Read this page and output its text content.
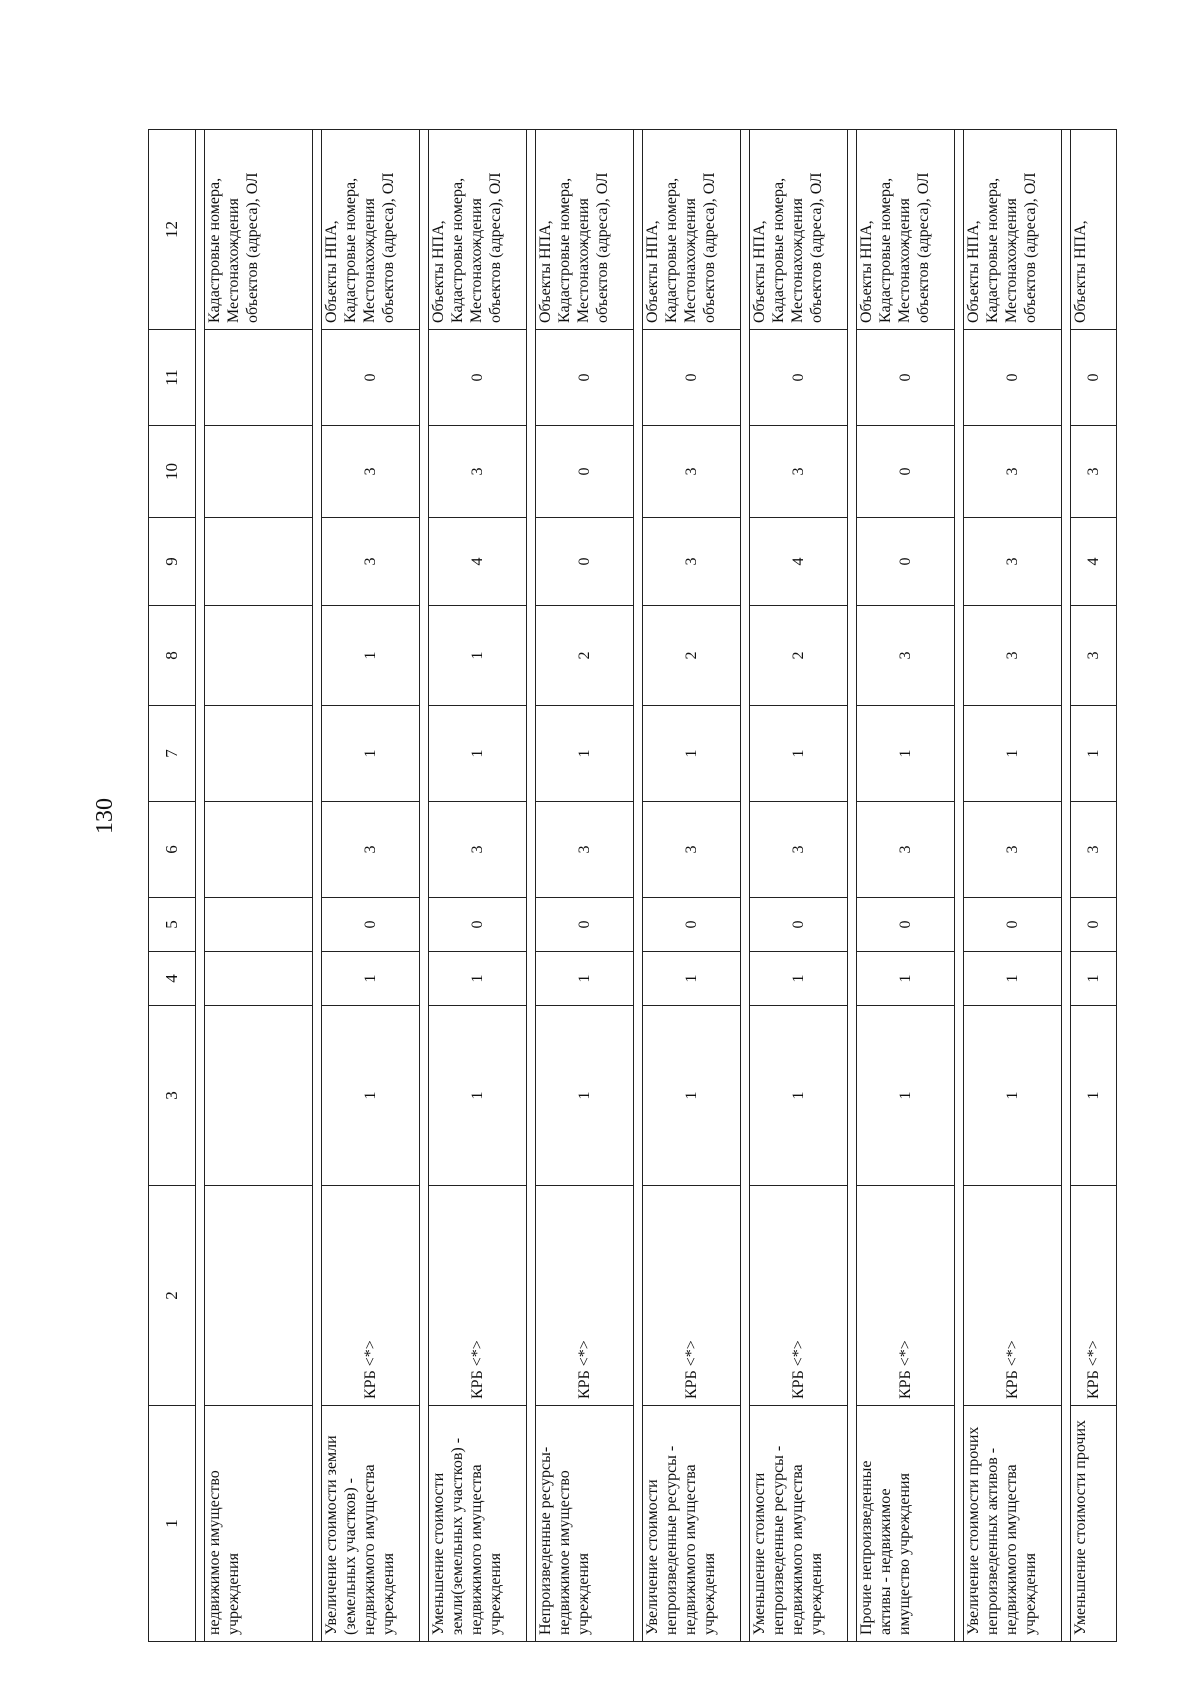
130
1	2	3	4	5	6	7	8	9	10	11	12

недвижимое имущество учреждения											Кадастровые номера, Местонахождения объектов (адреса), ОЛ

Увеличение стоимости земли (земельных участков) - недвижимого имущества учреждения	КРБ <*>	1	1	0	3	1	1	3	3	0	Объекты НПА, Кадастровые номера, Местонахождения объектов (адреса), ОЛ

Уменьшение стоимости земли(земельных участков) - недвижимого имущества учреждения	КРБ <*>	1	1	0	3	1	1	4	3	0	Объекты НПА, Кадастровые номера, Местонахождения объектов (адреса), ОЛ

Непроизведенные ресурсы- недвижимое имущество учреждения	КРБ <*>	1	1	0	3	1	2	0	0	0	Объекты НПА, Кадастровые номера, Местонахождения объектов (адреса), ОЛ

Увеличение стоимости непроизведенные ресурсы - недвижимого имущества учреждения	КРБ <*>	1	1	0	3	1	2	3	3	0	Объекты НПА, Кадастровые номера, Местонахождения объектов (адреса), ОЛ

Уменьшение стоимости непроизведенные ресурсы - недвижимого имущества учреждения	КРБ <*>	1	1	0	3	1	2	4	3	0	Объекты НПА, Кадастровые номера, Местонахождения объектов (адреса), ОЛ

Прочие непроизведенные активы - недвижимое имущество учреждения	КРБ <*>	1	1	0	3	1	3	0	0	0	Объекты НПА, Кадастровые номера, Местонахождения объектов (адреса), ОЛ

Увеличение стоимости прочих непроизведенных активов - недвижимого имущества учреждения	КРБ <*>	1	1	0	3	1	3	3	3	0	Объекты НПА, Кадастровые номера, Местонахождения объектов (адреса), ОЛ

Уменьшение стоимости прочих	КРБ <*>	1	1	0	3	1	3	4	3	0	Объекты НПА,
